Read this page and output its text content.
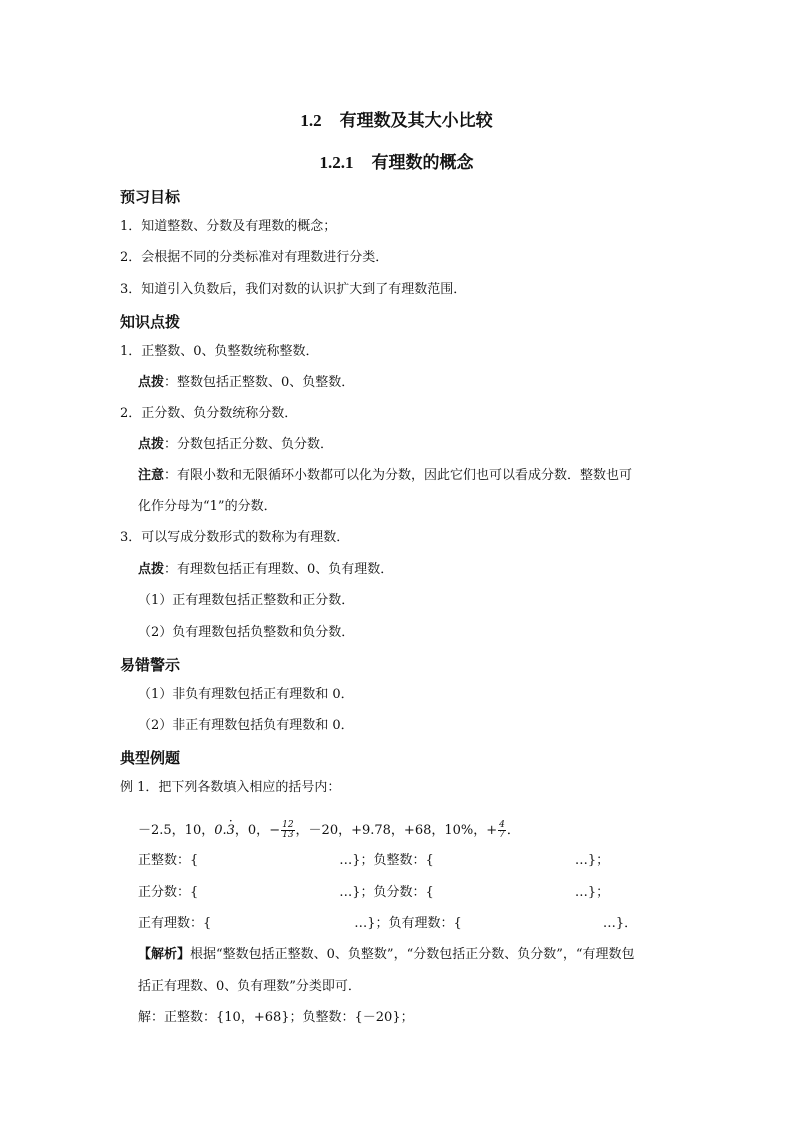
1.2 有理数及其大小比较
1.2.1 有理数的概念
预习目标
1．知道整数、分数及有理数的概念；
2．会根据不同的分类标准对有理数进行分类．
3．知道引入负数后，我们对数的认识扩大到了有理数范围．
知识点拨
1．正整数、0、负整数统称整数．
点拨：整数包括正整数、0、负整数．
2．正分数、负分数统称分数．
点拨：分数包括正分数、负分数．
注意：有限小数和无限循环小数都可以化为分数，因此它们也可以看成分数．整数也可
化作分母为“1”的分数．
3．可以写成分数形式的数称为有理数．
点拨：有理数包括正有理数、0、负有理数．
（1）正有理数包括正整数和正分数．
（2）负有理数包括负整数和负分数．
易错警示
（1）非负有理数包括正有理数和 0．
（2）非正有理数包括负有理数和 0．
典型例题
例 1．把下列各数填入相应的括号内：
－2.5，10，0.· 3，0，− $\frac{12}{13}$ ，－20，+9.78，+68，10%，+ $\frac{4}{7}$ ．
正整数：{	…}；负整数：{	…}；
正分数：{	…}；负分数：{	…}；
正有理数：{	…}；负有理数：{	…}．
【解析】根据“整数包括正整数、0、负整数”，“分数包括正分数、负分数”，“有理数包
括正有理数、0、负有理数”分类即可．
解：正整数：{10，+68}；负整数：{－20}；
